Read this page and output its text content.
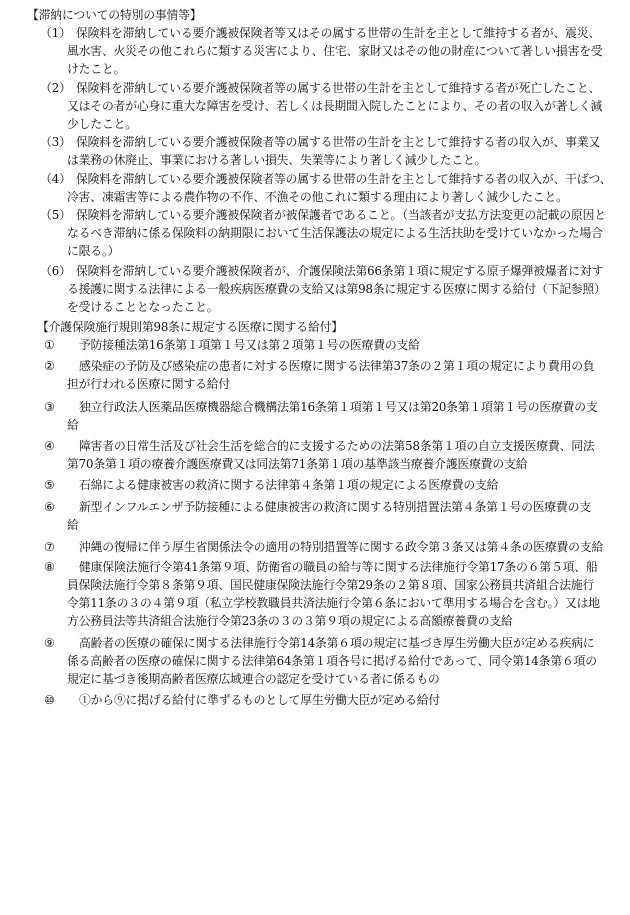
【滞納についての特別の事情等】
（1） 保険料を滞納している要介護被保険者等又はその属する世帯の生計を主として維持する者が、震災、
風水害、火災その他これらに類する災害により、住宅、家財又はその他の財産について著しい損害を受
けたこと。
（2） 保険料を滞納している要介護被保険者等の属する世帯の生計を主として維持する者が死亡したこと、
又はその者が心身に重大な障害を受け、若しくは長期間入院したことにより、その者の収入が著しく減
少したこと。
（3） 保険料を滞納している要介護被保険者等の属する世帯の生計を主として維持する者の収入が、事業又
は業務の休廃止、事業における著しい損失、失業等により著しく減少したこと。
（4） 保険料を滞納している要介護被保険者等の属する世帯の生計を主として維持する者の収入が、干ばつ、
冷害、凍霜害等による農作物の不作、不漁その他これに類する理由により著しく減少したこと。
（5） 保険料を滞納している要介護被保険者が被保護者であること。（当該者が支払方法変更の記載の原因と
なるべき滞納に係る保険料の納期限において生活保護法の規定による生活扶助を受けていなかった場合
に限る。）
（6） 保険料を滞納している要介護被保険者が、介護保険法第66条第１項に規定する原子爆弾被爆者に対す
る援護に関する法律による一般疾病医療費の支給又は第98条に規定する医療に関する給付（下記参照）
を受けることとなったこと。
【介護保険施行規則第98条に規定する医療に関する給付】
① 予防接種法第16条第１項第１号又は第２項第１号の医療費の支給
② 感染症の予防及び感染症の患者に対する医療に関する法律第37条の２第１項の規定により費用の負
担が行われる医療に関する給付
③ 独立行政法人医薬品医療機器総合機構法第16条第１項第１号又は第20条第１項第１号の医療費の支
給
④ 障害者の日常生活及び社会生活を総合的に支援するための法第58条第１項の自立支援医療費、同法
第70条第１項の療養介護医療費又は同法第71条第１項の基準該当療養介護医療費の支給
⑤ 石綿による健康被害の救済に関する法律第４条第１項の規定による医療費の支給
⑥ 新型インフルエンザ予防接種による健康被害の救済に関する特別措置法第４条第１号の医療費の支
給
⑦ 沖縄の復帰に伴う厚生省関係法令の適用の特別措置等に関する政令第３条又は第４条の医療費の支給
⑧ 健康保険法施行令第41条第９項、防衛省の職員の給与等に関する法律施行令第17条の６第５項、船
員保険法施行令第８条第９項、国民健康保険法施行令第29条の２第８項、国家公務員共済組合法施行
令第11条の３の４第９項（私立学校教職員共済法施行令第６条において準用する場合を含む。）又は地
方公務員法等共済組合法施行令第23条の３の３第９項の規定による高額療養費の支給
⑨ 高齢者の医療の確保に関する法律施行令第14条第６項の規定に基づき厚生労働大臣が定める疾病に
係る高齢者の医療の確保に関する法律第64条第１項各号に掲げる給付であって、同令第14条第６項の
規定に基づき後期高齢者医療広域連合の認定を受けている者に係るもの
⑩ ①から⑨に掲げる給付に準ずるものとして厚生労働大臣が定める給付
